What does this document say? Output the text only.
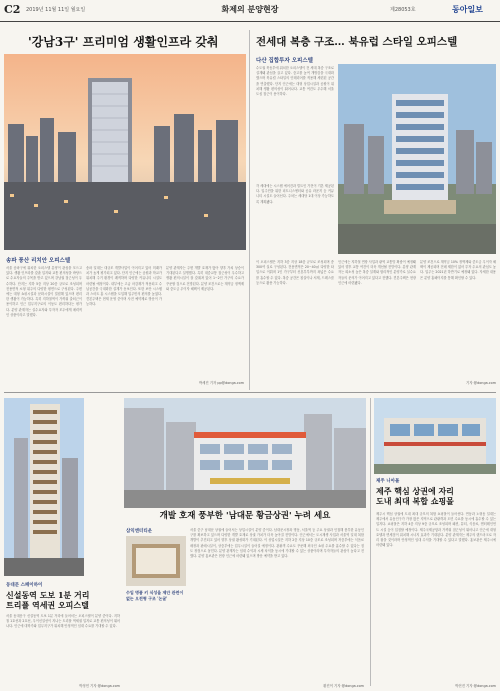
C2 2019년 11월 11일 월요일	화제의 분양현장	제28053호	동아일보
'강남3구' 프리미엄 생활인프라 갖춰
송파 풍산 리치안 오피스텔
서울 송파구에 위치한 오피스텔 분양이 관심을 모으고 있다. 생활 인프라를 갖춘 입지와 교통 편의성을 바탕으로 수요자들의 주목을 받고 있으며 강남권 접근성이 우수하다. 단지는 지하 5층 지상 20층 규모로 조성되며 전용면적 소형 위주의 다양한 평면으로 구성된다. 주변에는 대형 쇼핑시설과 문화시설이 밀집해 있으며 편리한 생활이 가능하다. 특히 지하철역이 가까워 출퇴근이 용이하고 인근 업무지구로의 이동도 편리하다는 평가다. 분양 관계자는 실수요자와 투자자 모두에게 매력적인 상품이라고 말했다.
송파 일대는 대규모 개발사업이 이어지고 있어 미래가치가 높게 평가되고 있다. 단지 인근에는 공원과 학교가 위치해 주거 환경이 쾌적하며 다양한 커뮤니티 시설도 마련될 예정이다. 내부에는 고급 마감재가 적용되고 수납공간을 극대화한 설계가 돋보인다. 또한 보안 시스템과 스마트 홈 시스템을 도입해 입주민의 편의를 높였다. 견본주택은 현재 운영 중이며 사전 예약제로 방문이 가능하다.
분양 관계자는 주변 개발 호재가 많아 향후 가치 상승이 기대된다고 설명했다. 특히 대중교통 접근성이 우수하고 생활 편의시설이 잘 갖춰져 있어 1~2인 가구의 수요가 꾸준할 것으로 전망된다. 분양 조건으로는 계약금 정액제와 중도금 무이자 혜택이 제공된다.
박세진 기자 pp@donga.com
전세대 복층 구조… 북유럽 스타일 오피스텔
다산 집합투자 오피스텔
수도권 북동부에 위치한 오피스텔이 전 세대 복층 구조로 설계돼 관심을 끌고 있다. 층고를 높여 개방감을 극대화했으며 북유럽 스타일의 인테리어를 적용해 세련된 공간을 연출했다. 단지 인근에는 대형 상업시설과 공원이 위치해 생활 편의성이 뛰어나다. 교통 여건도 우수해 서울 도심 접근이 용이하다.
각 세대에는 시스템 에어컨과 빌트인 가전이 기본 제공된다. 입주민을 위한 피트니스센터와 공유 라운지 등 커뮤니티 시설도 들어선다. 주차는 세대당 1대 이상 가능하도록 계획됐다.
이 오피스텔은 지하 3층 지상 18층 규모로 조성되며 총 300여 실로 구성된다. 전용면적은 20~40㎡ 다양한 타입으로 이뤄져 1인 가구부터 신혼부부까지 폭넓은 수요를 흡수할 수 있다. 복층 공간은 침실이나 서재, 드레스룸 등으로 활용 가능하다.
인근에는 지하철 연장 사업과 광역 교통망 확충이 예정돼 있어 향후 교통 여건이 더욱 개선될 전망이다. 분양 관계자는 희소성 높은 복층 설계와 합리적인 분양가로 실수요자들의 문의가 이어지고 있다고 전했다. 견본주택은 현장 인근에 마련됐다.
분양 조건으로 계약금 10% 정액제와 중도금 무이자 혜택이 제공되며 전매 제한이 없어 투자 수요의 관심도 높다. 입주는 2021년 하반기로 예정돼 있다. 자세한 내용은 분양 홈페이지를 통해 확인할 수 있다.
기자 @donga.com
동대문 스페이하이
신설동역 도보 1분 거리
트리플 역세권 오피스텔
서울 동대문구 신설동역 도보 1분 거리에 들어서는 오피스텔이 분양 중이다. 지하철 1호선과 2호선, 우이신설선이 지나는 트리플 역세권 입지로 교통 편의성이 뛰어나다. 인근에 대학가와 업무지구가 위치해 안정적인 임대 수요를 기대할 수 있다.
박정민 기자 @donga.com
개발 호재 풍부한 '남대문 황금상권' 누려 세요
삼익엔터티운
수입 명품 키 식성을 제안 관련이 없는 오전형 구조 '논굴'
서울 중구 남대문 상권에 들어서는 상업시설이 분양 중이다. 남대문시장과 명동, 서울역 등 주요 상권과 인접해 풍부한 유동인구를 확보하고 있으며 다양한 개발 호재로 상권 가치가 더욱 높아질 전망이다. 인근에서는 도시재생 사업과 서울역 일대 복합개발이 추진되고 있어 향후 상권 활성화가 기대된다. 이 상업시설은 지하 2층 지상 10층 규모로 조성되며 저층부에는 식음료 매장과 판매시설이, 상층부에는 업무시설이 들어설 예정이다. 관광객 수요도 꾸준해 외국인 쇼핑 수요를 흡수할 수 있다는 점도 장점으로 꼽힌다. 분양 관계자는 임대 수익과 시세 차익을 동시에 기대할 수 있는 상품이라며 투자자들의 관심이 높다고 전했다. 분양 홍보관은 현장 인근에 마련돼 있으며 방문 예약을 받고 있다.
황진이 기자 @donga.com
제주 니아몰
제주 핵심 상권에 자리
도내 최대 복합 쇼핑몰
제주시 핵심 상권에 도내 최대 규모의 복합 쇼핑몰이 들어선다. 연동과 노형동 일대는 제주에서 유동인구가 가장 많은 지역으로 관광객과 도민 수요를 동시에 흡수할 수 있는 입지다. 쇼핑몰은 지하 4층 지상 9층 규모로 조성되며 패션, 뷰티, 식음료, 엔터테인먼트 시설 등이 입점할 예정이다. 제주국제공항과 가까워 접근성이 뛰어나고 인근에 대형 호텔과 면세점이 위치해 시너지 효과가 기대된다. 분양 관계자는 제주의 랜드마크로 자리 잡을 것이라며 안정적인 임대 수익을 기대할 수 있다고 말했다. 홍보관은 제주시에 마련돼 있다.
박전진 기자 @donga.com
